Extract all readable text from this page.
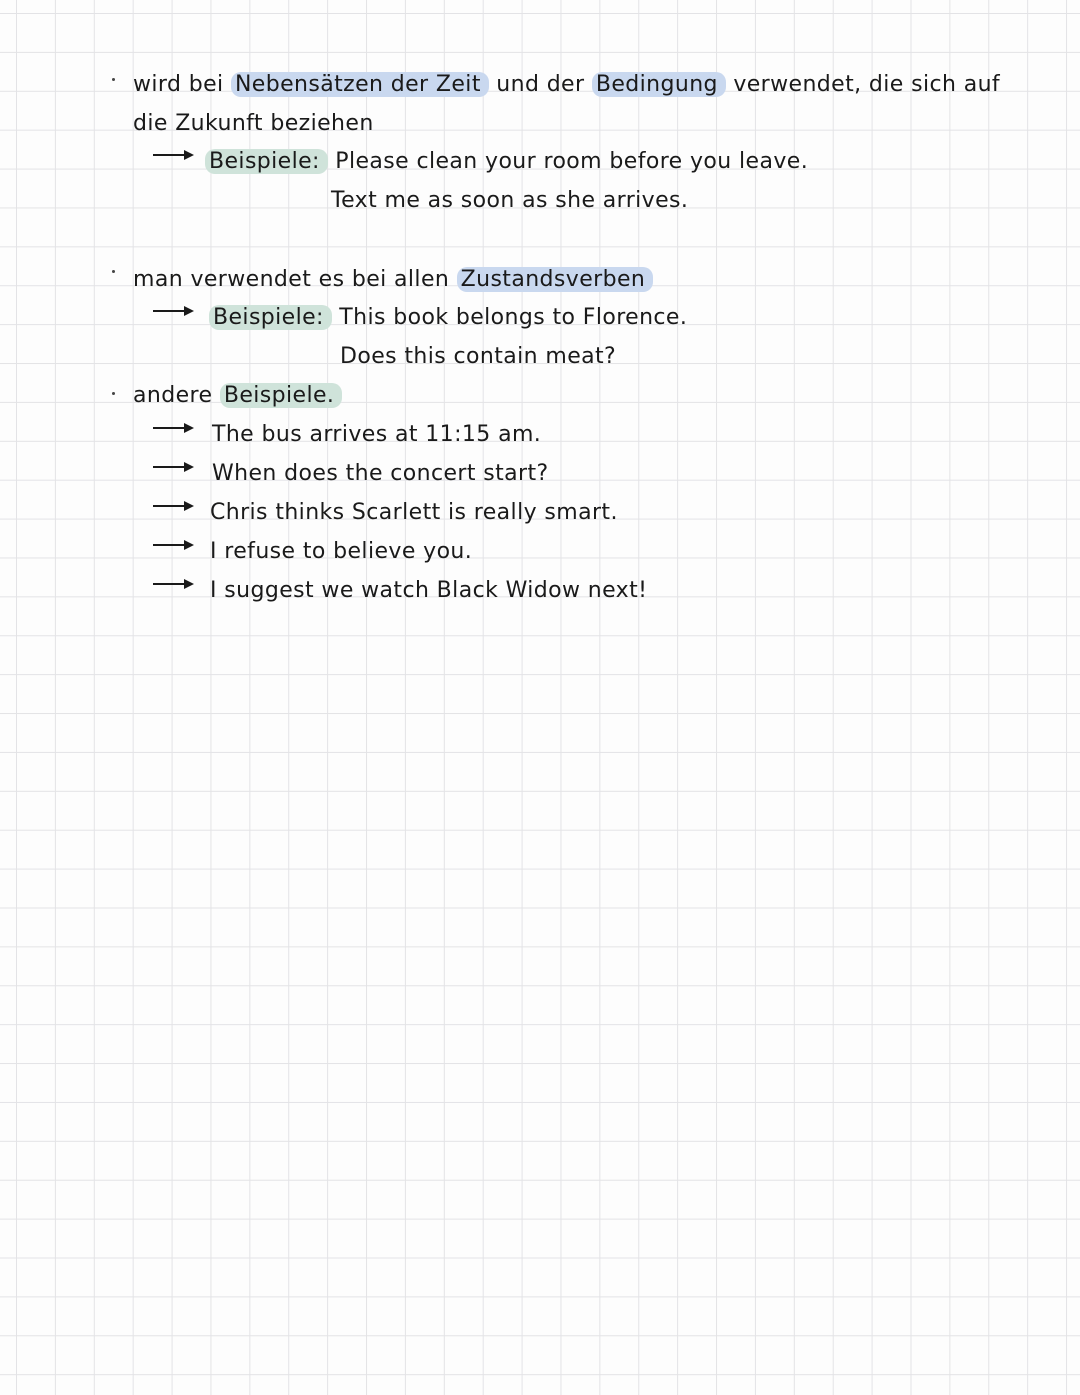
wird bei Nebensätzen der Zeit und der Bedingung verwendet, die sich auf
die Zukunft beziehen
Beispiele: Please clean your room before you leave.
Text me as soon as she arrives.
man verwendet es bei allen Zustandsverben
Beispiele: This book belongs to Florence.
Does this contain meat?
andere Beispiele.
The bus arrives at 11:15 am.
When does the concert start?
Chris thinks Scarlett is really smart.
I refuse to believe you.
I suggest we watch Black Widow next!
